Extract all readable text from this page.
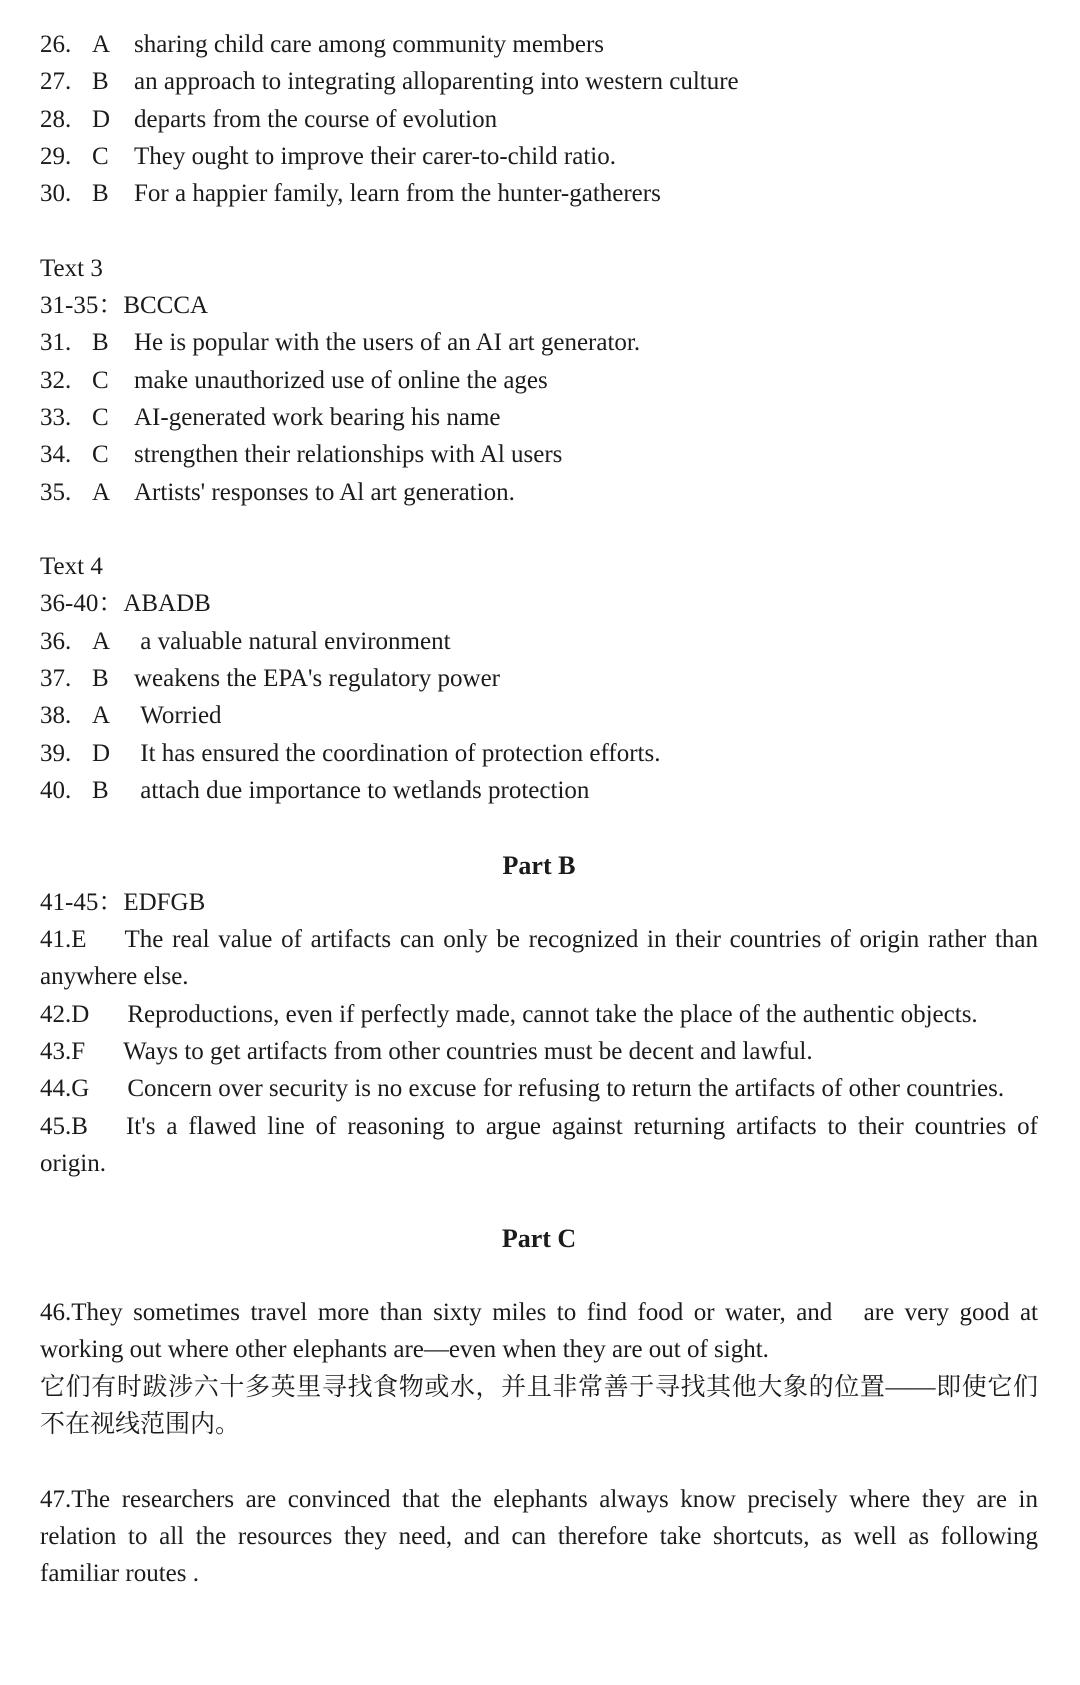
26. A sharing child care among community members
27. B	an approach to integrating alloparenting into western culture
28. D departs from the course of evolution
29. C	They ought to improve their carer-to-child ratio.
30. B	For a happier family, learn from the hunter-gatherers
Text 3
31-35：BCCCA
31. B	He is popular with the users of an AI art generator.
32. C	make unauthorized use of online the ages
33. C	AI-generated work bearing his name
34. C	strengthen their relationships with Al users
35. A Artists' responses to Al art generation.
Text 4
36-40：ABADB
36. A a valuable natural environment
37. B	weakens the EPA's regulatory power
38. A Worried
39. D It has ensured the coordination of protection efforts.
40. B	attach due importance to wetlands protection
Part B
41-45：EDFGB

41.E The real value of artifacts can only be recognized in their countries of origin rather than anywhere else.

42.D Reproductions, even if perfectly made, cannot take the place of the authentic objects.

43.F Ways to get artifacts from other countries must be decent and lawful.

44.G Concern over security is no excuse for refusing to return the artifacts of other countries.

45.B It's a flawed line of reasoning to argue against returning artifacts to their countries of origin.

Part C

46.They sometimes travel more than sixty miles to find food or water, and   are very good at working out where other elephants are—even when they are out of sight.

它们有时跋涉六十多英里寻找食物或水，并且非常善于寻找其他大象的位置——即使它们不在视线范围内。

47.The researchers are convinced that the elephants always know precisely where they are in relation to all the resources they need, and can therefore take shortcuts, as well as following familiar routes .
